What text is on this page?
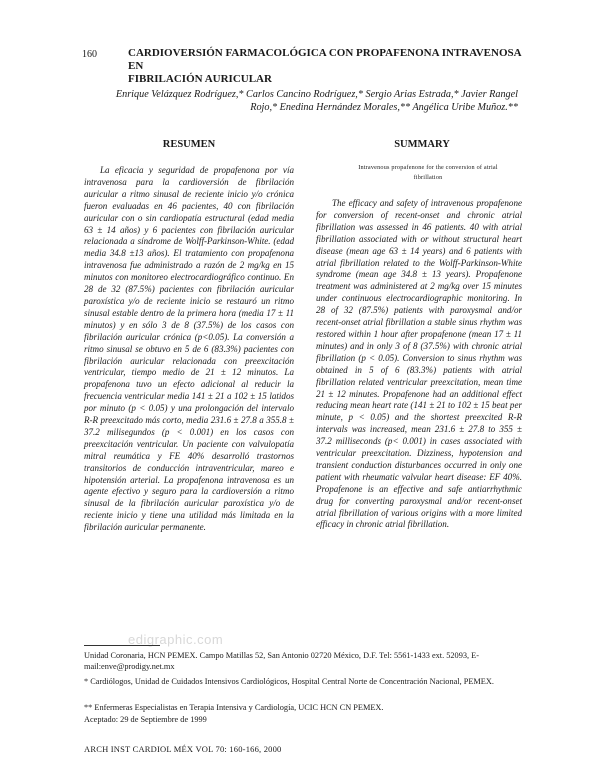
160	CARDIOVERSIÓN FARMACOLÓGICA CON PROPAFENONA INTRAVENOSA EN
FIBRILACIÓN AURICULAR
Enrique Velázquez Rodríguez,* Carlos Cancino Rodríguez,* Sergio Arias Estrada,* Javier Rangel
Rojo,* Enedina Hernández Morales,** Angélica Uribe Muñoz.**
RESUMEN	SUMMARY
Intravenous propafenone for the conversion of atrial
fibrillation

La eficacia y seguridad de propafenona por vía intravenosa para la cardioversión de fibrilación auricular a ritmo sinusal de reciente inicio y/o crónica fueron evaluadas en 46 pacientes, 40 con fibrilación auricular con o sin cardiopatía estructural (edad media 63 ± 14 años) y 6 pacientes con fibrilación auricular relacionada a síndrome de Wolff-Parkinson-White. (edad media 34.8 ±13 años). El tratamiento con propafenona intravenosa fue administrado a razón de 2 mg/kg en 15 minutos con monitoreo electrocardiográfico continuo. En 28 de 32 (87.5%) pacientes con fibrilación auricular paroxística y/o de reciente inicio se restauró un ritmo sinusal estable dentro de la primera hora (media 17 ± 11 minutos) y en sólo 3 de 8 (37.5%) de los casos con fibrilación auricular crónica (p<0.05). La conversión a ritmo sinusal se obtuvo en 5 de 6 (83.3%) pacientes con fibrilación auricular relacionada con preexcitación ventricular, tiempo medio de 21 ± 12 minutos. La propafenona tuvo un efecto adicional al reducir la frecuencia ventricular media 141 ± 21 a 102 ± 15 latidos por minuto (p < 0.05) y una prolongación del intervalo R-R preexcitado más corto, media 231.6 ± 27.8 a 355.8 ± 37.2 milisegundos (p < 0.001) en los casos con preexcitación ventricular. Un paciente con valvulopatía mitral reumática y FE 40% desarrolló trastornos transitorios de conducción intraventricular, mareo e hipotensión arterial. La propafenona intravenosa es un agente efectivo y seguro para la cardioversión a ritmo sinusal de la fibrilación auricular paroxística y/o de reciente inicio y tiene una utilidad más limitada en la fibrilación auricular permanente.

The efficacy and safety of intravenous propafenone for conversion of recent-onset and chronic atrial fibrillation was assessed in 46 patients. 40 with atrial fibrillation associated with or without structural heart disease (mean age 63 ± 14 years) and 6 patients with atrial fibrillation related to the Wolff-Parkinson-White syndrome (mean age 34.8 ± 13 years). Propafenone treatment was administered at 2 mg/kg over 15 minutes under continuous electrocardiographic monitoring. In 28 of 32 (87.5%) patients with paroxysmal and/or recent-onset atrial fibrillation a stable sinus rhythm was restored within 1 hour after propafenone (mean 17 ± 11 minutes) and in only 3 of 8 (37.5%) with chronic atrial fibrillation (p < 0.05). Conversion to sinus rhythm was obtained in 5 of 6 (83.3%) patients with atrial fibrillation related ventricular preexcitation, mean time 21 ± 12 minutes. Propafenone had an additional effect reducing mean heart rate (141 ± 21 to 102 ± 15 beat per minute, p < 0.05) and the shortest preexcited R-R intervals was increased, mean 231.6 ± 27.8 to 355 ± 37.2 milliseconds (p< 0.001) in cases associated with ventricular preexcitation. Dizziness, hypotension and transient conduction disturbances occurred in only one patient with rheumatic valvular heart disease: EF 40%. Propafenone is an effective and safe antiarrhythmic drug for converting paroxysmal and/or recent-onset atrial fibrillation of various origins with a more limited efficacy in chronic atrial fibrillation.

edigraphic.com
Unidad Coronaria, HCN PEMEX. Campo Matillas 52, San Antonio 02720 México, D.F. Tel: 5561-1433 ext. 52093, E-mail:enve@prodigy.net.mx
* Cardiólogos, Unidad de Cuidados Intensivos Cardiológicos, Hospital Central Norte de Concentración Nacional, PEMEX.
** Enfermeras Especialistas en Terapia Intensiva y Cardiología, UCIC HCN CN PEMEX.
Aceptado: 29 de Septiembre de 1999
ARCH INST CARDIOL MÉX VOL 70: 160-166, 2000
